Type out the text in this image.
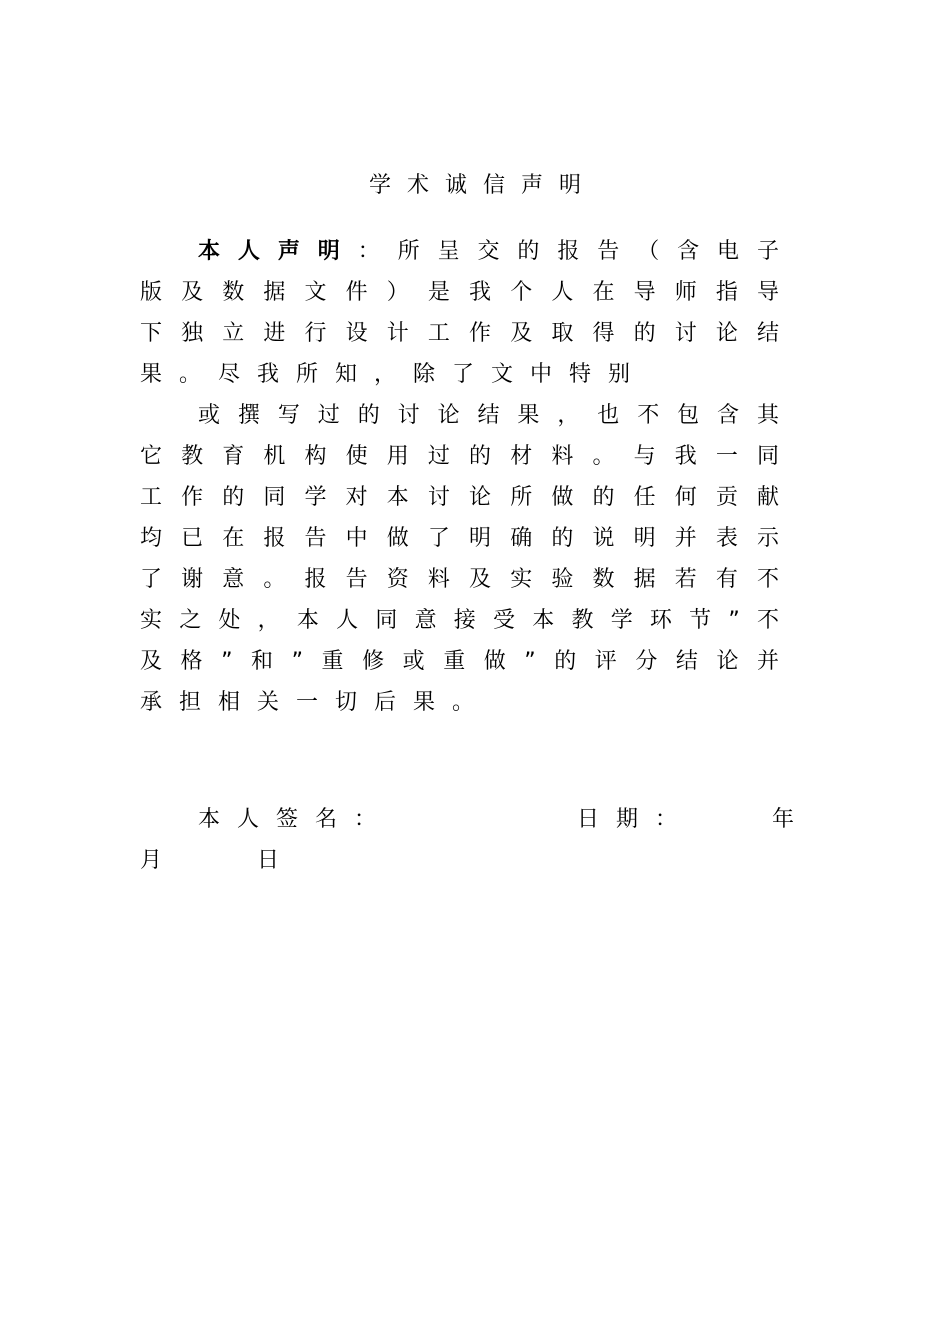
学术诚信声明
本人声明：所呈交的报告（含电子版及数据文件）是我个人在导师指导下独立进行设计工作及取得的讨论结果。尽我所知，除了文中特别
或撰写过的讨论结果，也不包含其它教育机构使用过的材料。与我一同工作的同学对本讨论所做的任何贡献均已在报告中做了明确的说明并表示了谢意。报告资料及实验数据若有不实之处，本人同意接受本教学环节”不及格”和”重修或重做”的评分结论并承担相关一切后果。
本人签名：	日期：	年
月	日
